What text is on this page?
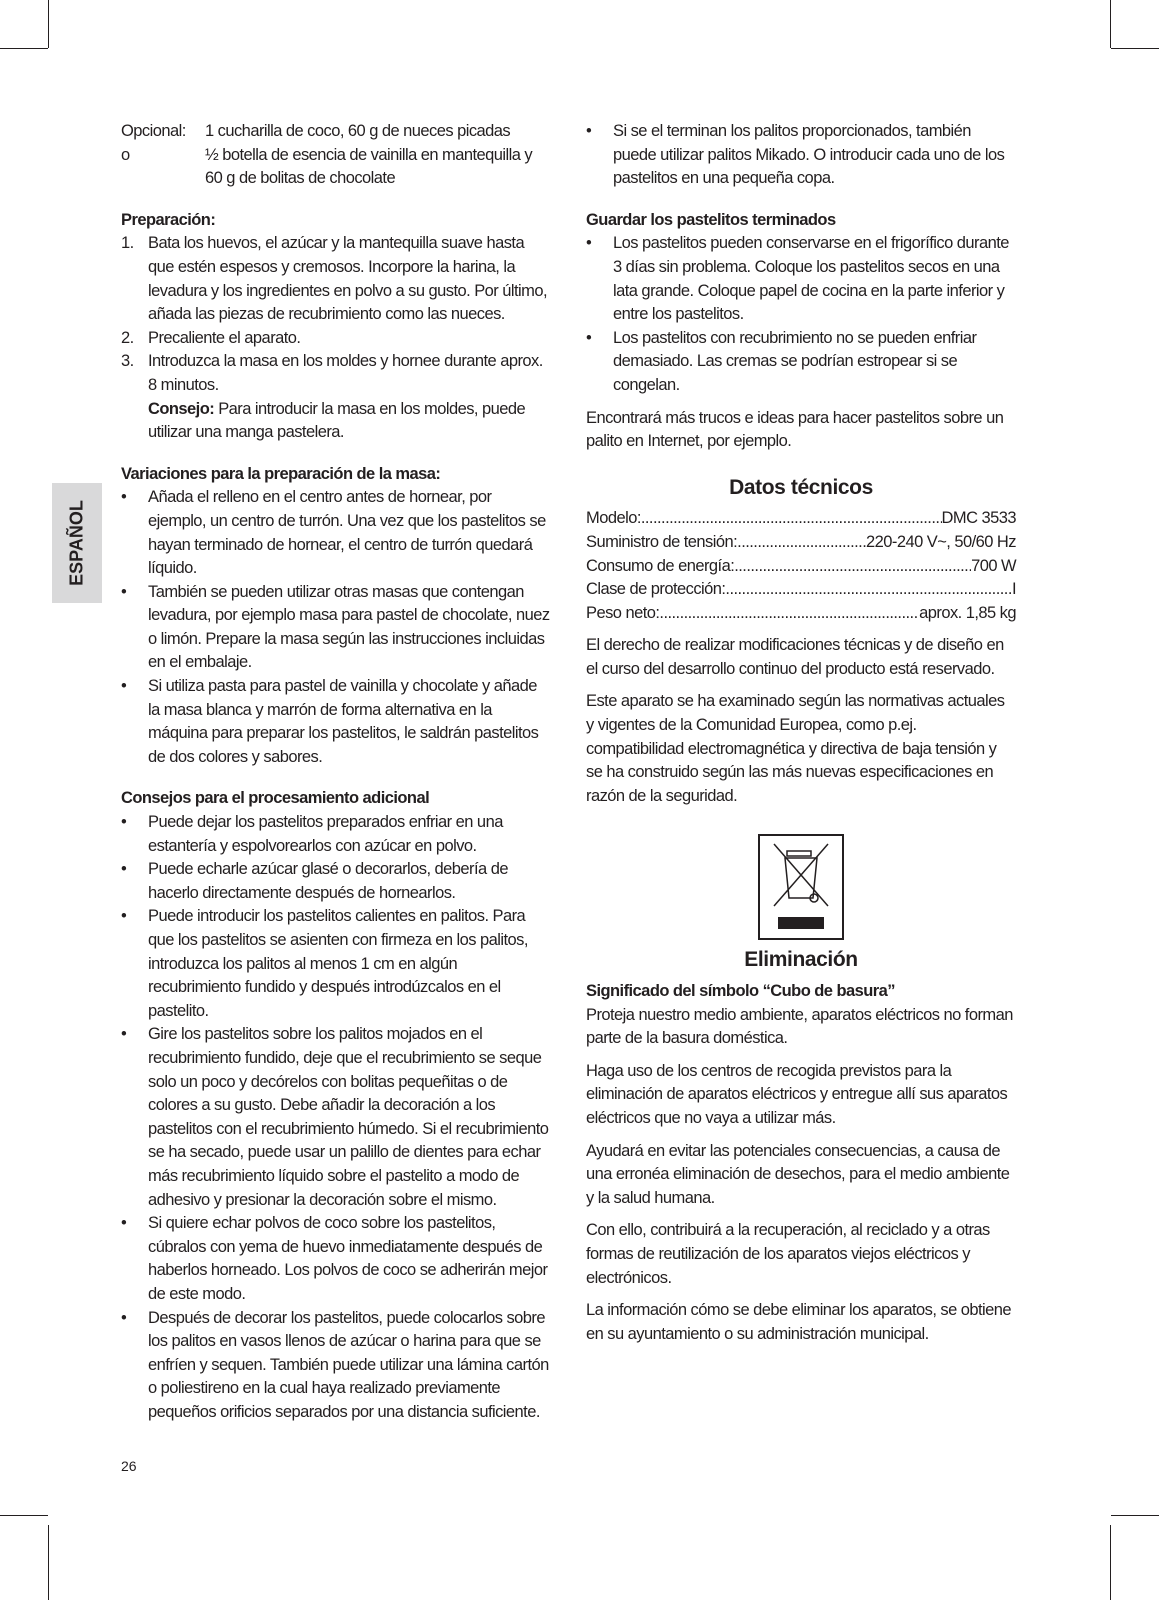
ESPAÑOL
Opcional:	1 cucharilla de coco, 60 g de nueces picadas
o	½ botella de esencia de vainilla en mantequilla y 60 g de bolitas de chocolate

Preparación:

1. Bata los huevos, el azúcar y la mantequilla suave hasta que estén espesos y cremosos. Incorpore la harina, la levadura y los ingredientes en polvo a su gusto. Por último, añada las piezas de recubrimiento como las nueces.
2. Precaliente el aparato.
3. Introduzca la masa en los moldes y hornee durante aprox. 8 minutos.
Consejo: Para introducir la masa en los moldes, puede utilizar una manga pastelera.

Variaciones para la preparación de la masa:

• Añada el relleno en el centro antes de hornear, por ejemplo, un centro de turrón. Una vez que los pastelitos se hayan terminado de hornear, el centro de turrón quedará líquido.
• También se pueden utilizar otras masas que contengan levadura, por ejemplo masa para pastel de chocolate, nuez o limón. Prepare la masa según las instrucciones incluidas en el embalaje.
• Si utiliza pasta para pastel de vainilla y chocolate y añade la masa blanca y marrón de forma alternativa en la máquina para preparar los pastelitos, le saldrán pastelitos de dos colores y sabores.

Consejos para el procesamiento adicional

• Puede dejar los pastelitos preparados enfriar en una estantería y espolvorearlos con azúcar en polvo.
• Puede echarle azúcar glasé o decorarlos, debería de hacerlo directamente después de hornearlos.
• Puede introducir los pastelitos calientes en palitos. Para que los pastelitos se asienten con firmeza en los palitos, introduzca los palitos al menos 1 cm en algún recubrimiento fundido y después introdúzcalos en el pastelito.
• Gire los pastelitos sobre los palitos mojados en el recubrimiento fundido, deje que el recubrimiento se seque solo un poco y decórelos con bolitas pequeñitas o de colores a su gusto. Debe añadir la decoración a los pastelitos con el recubrimiento húmedo. Si el recubrimiento se ha secado, puede usar un palillo de dientes para echar más recubrimiento líquido sobre el pastelito a modo de adhesivo y presionar la decoración sobre el mismo.
• Si quiere echar polvos de coco sobre los pastelitos, cúbralos con yema de huevo inmediatamente después de haberlos horneado. Los polvos de coco se adherirán mejor de este modo.
• Después de decorar los pastelitos, puede colocarlos sobre los palitos en vasos llenos de azúcar o harina para que se enfríen y sequen. También puede utilizar una lámina cartón o poliestireno en la cual haya realizado previamente pequeños orificios separados por una distancia suficiente.
• Si se el terminan los palitos proporcionados, también puede utilizar palitos Mikado. O introducir cada uno de los pastelitos en una pequeña copa.

Guardar los pastelitos terminados

• Los pastelitos pueden conservarse en el frigorífico durante 3 días sin problema. Coloque los pastelitos secos en una lata grande. Coloque papel de cocina en la parte inferior y entre los pastelitos.
• Los pastelitos con recubrimiento no se pueden enfriar demasiado. Las cremas se podrían estropear si se congelan.

Encontrará más trucos e ideas para hacer pastelitos sobre un palito en Internet, por ejemplo.

Datos técnicos
Modelo: .....	DMC 3533
Suministro de tensión: .....	220-240 V~, 50/60 Hz
Consumo de energía: .....	700 W
Clase de protección: .....	I
Peso neto: .....	aprox. 1,85 kg

El derecho de realizar modificaciones técnicas y de diseño en el curso del desarrollo continuo del producto está reservado.

Este aparato se ha examinado según las normativas actuales y vigentes de la Comunidad Europea, como p.ej. compatibilidad electromagnética y directiva de baja tensión y se ha construido según las más nuevas especificaciones en razón de la seguridad.

Eliminación

Significado del símbolo “Cubo de basura”

Proteja nuestro medio ambiente, aparatos eléctricos no forman parte de la basura doméstica.

Haga uso de los centros de recogida previstos para la eliminación de aparatos eléctricos y entregue allí sus aparatos eléctricos que no vaya a utilizar más.

Ayudará en evitar las potenciales consecuencias, a causa de una erronéa eliminación de desechos, para el medio ambiente y la salud humana.

Con ello, contribuirá a la recuperación, al reciclado y a otras formas de reutilización de los aparatos viejos eléctricos y electrónicos.

La información cómo se debe eliminar los aparatos, se obtiene en su ayuntamiento o su administración municipal.

26
